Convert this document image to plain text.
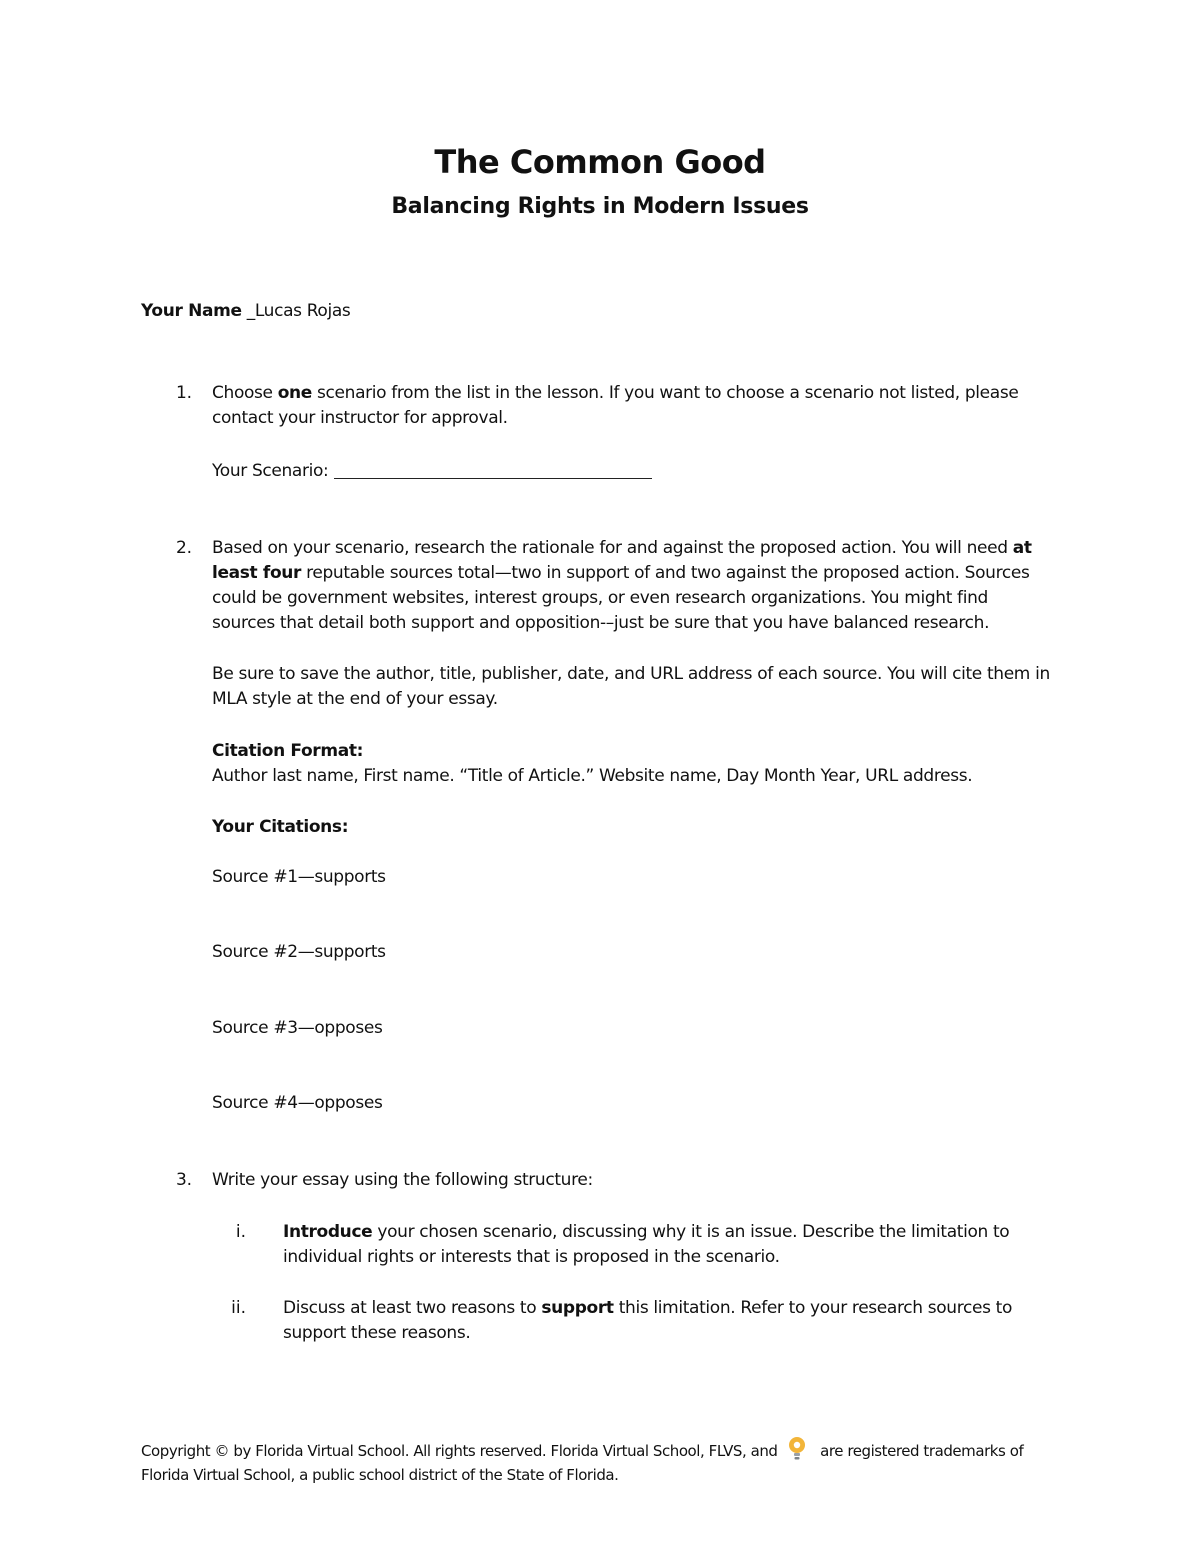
The Common Good
Balancing Rights in Modern Issues
Your Name _Lucas Rojas
1. Choose one scenario from the list in the lesson. If you want to choose a scenario not listed, please
contact your instructor for approval.
Your Scenario:
2. Based on your scenario, research the rationale for and against the proposed action. You will need at
least four reputable sources total—two in support of and two against the proposed action. Sources
could be government websites, interest groups, or even research organizations. You might find
sources that detail both support and opposition-–just be sure that you have balanced research.
Be sure to save the author, title, publisher, date, and URL address of each source. You will cite them in
MLA style at the end of your essay.
Citation Format:
Author last name, First name. “Title of Article.” Website name, Day Month Year, URL address.
Your Citations:
Source #1—supports
Source #2—supports
Source #3—opposes
Source #4—opposes
3. Write your essay using the following structure:
i. Introduce your chosen scenario, discussing why it is an issue. Describe the limitation to
individual rights or interests that is proposed in the scenario.
ii. Discuss at least two reasons to support this limitation. Refer to your research sources to
support these reasons.
Copyright © by Florida Virtual School. All rights reserved. Florida Virtual School, FLVS, and	are registered trademarks of
Florida Virtual School, a public school district of the State of Florida.
